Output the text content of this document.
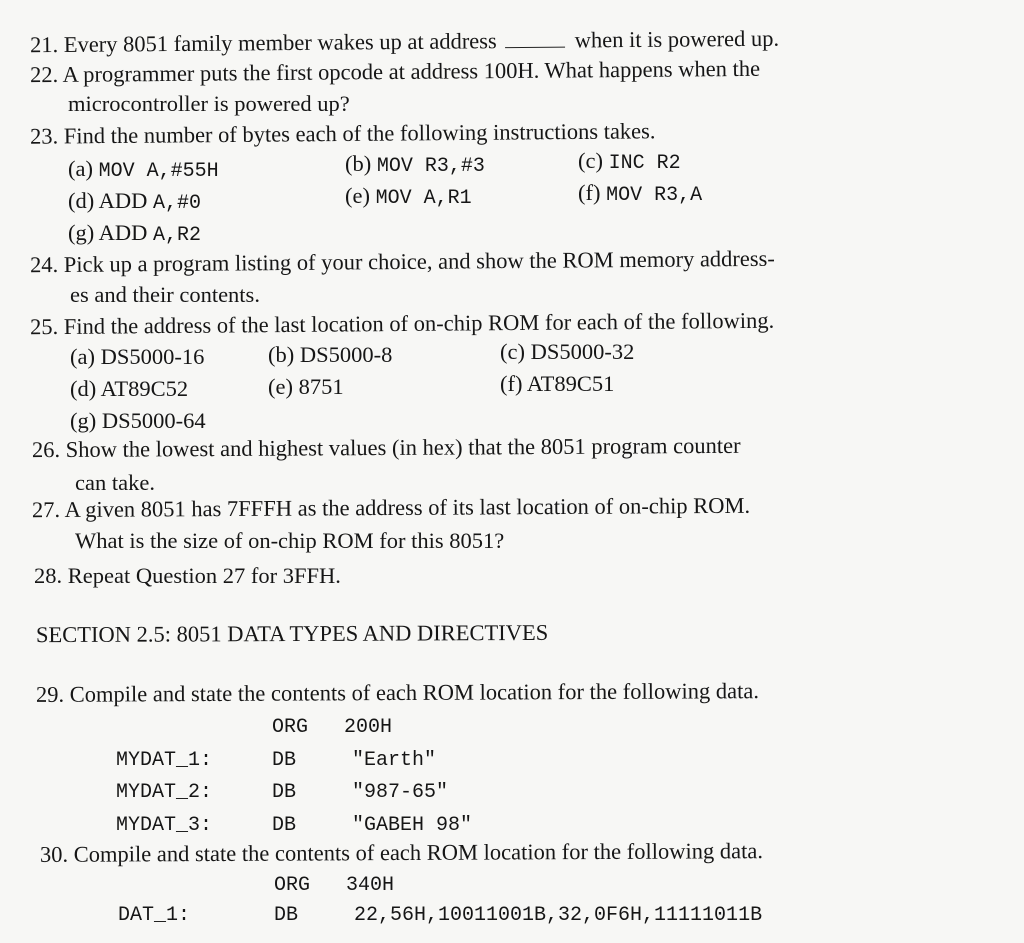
21. Every 8051 family member wakes up at address	when it is powered up.
22. A programmer puts the first opcode at address 100H. What happens when the
microcontroller is powered up?
23. Find the number of bytes each of the following instructions takes.
(a) MOV A,#55H	(b) MOV R3,#3	(c) INC R2
(d) ADD A,#0	(e) MOV A,R1	(f) MOV R3,A
(g) ADD A,R2
24. Pick up a program listing of your choice, and show the ROM memory address-
es and their contents.
25. Find the address of the last location of on-chip ROM for each of the following.
(a) DS5000-16	(b) DS5000-8	(c) DS5000-32
(d) AT89C52	(e) 8751	(f) AT89C51
(g) DS5000-64
26. Show the lowest and highest values (in hex) that the 8051 program counter
can take.
27. A given 8051 has 7FFFH as the address of its last location of on-chip ROM.
What is the size of on-chip ROM for this 8051?
28. Repeat Question 27 for 3FFH.
SECTION 2.5: 8051 DATA TYPES AND DIRECTIVES
29. Compile and state the contents of each ROM location for the following data.
ORG 200H
MYDAT_1:	DB	"Earth"
MYDAT_2:	DB	"987-65"
MYDAT_3:	DB	"GABEH 98"
30. Compile and state the contents of each ROM location for the following data.
ORG 340H
DAT_1:	DB	22,56H,10011001B,32,0F6H,11111011B
